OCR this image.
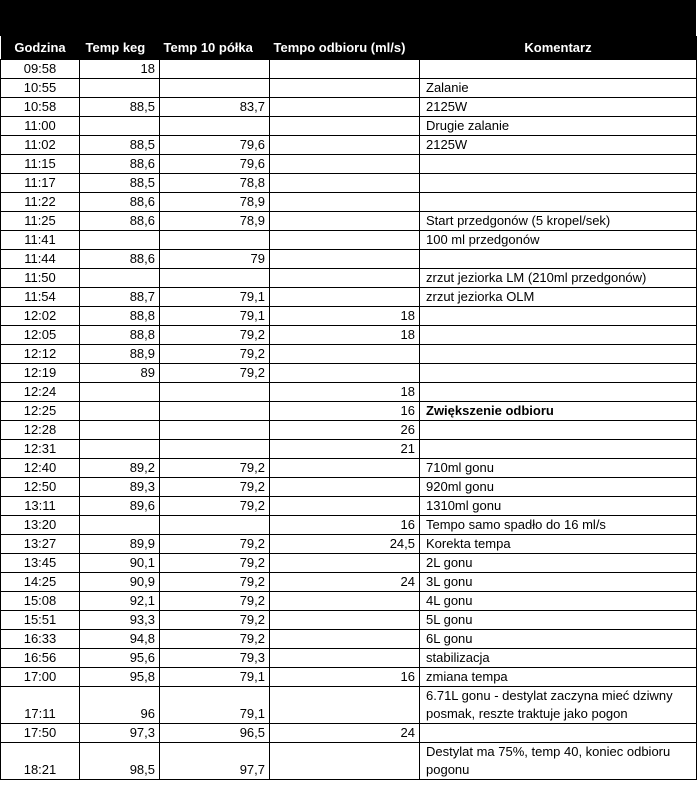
Godzina	Temp keg	Temp 10 półka	Tempo odbioru (ml/s)	Komentarz
09:58	18			
10:55				Zalanie
10:58	88,5	83,7		2125W
11:00				Drugie zalanie
11:02	88,5	79,6		2125W
11:15	88,6	79,6		
11:17	88,5	78,8		
11:22	88,6	78,9		
11:25	88,6	78,9		Start przedgonów (5 kropel/sek)
11:41				100 ml przedgonów
11:44	88,6	79		
11:50				zrzut jeziorka LM (210ml przedgonów)
11:54	88,7	79,1		zrzut jeziorka OLM
12:02	88,8	79,1	18	
12:05	88,8	79,2	18	
12:12	88,9	79,2		
12:19	89	79,2		
12:24			18	
12:25			16	Zwiększenie odbioru
12:28			26	
12:31			21	
12:40	89,2	79,2		710ml gonu
12:50	89,3	79,2		920ml gonu
13:11	89,6	79,2		1310ml gonu
13:20			16	Tempo samo spadło do 16 ml/s
13:27	89,9	79,2	24,5	Korekta tempa
13:45	90,1	79,2		2L gonu
14:25	90,9	79,2	24	3L gonu
15:08	92,1	79,2		4L gonu
15:51	93,3	79,2		5L gonu
16:33	94,8	79,2		6L gonu
16:56	95,6	79,3		stabilizacja
17:00	95,8	79,1	16	zmiana tempa
17:11	96	79,1		6.71L gonu - destylat zaczyna mieć dziwny posmak, reszte traktuje jako pogon
17:50	97,3	96,5	24	
18:21	98,5	97,7		Destylat ma 75%, temp 40, koniec odbioru pogonu
